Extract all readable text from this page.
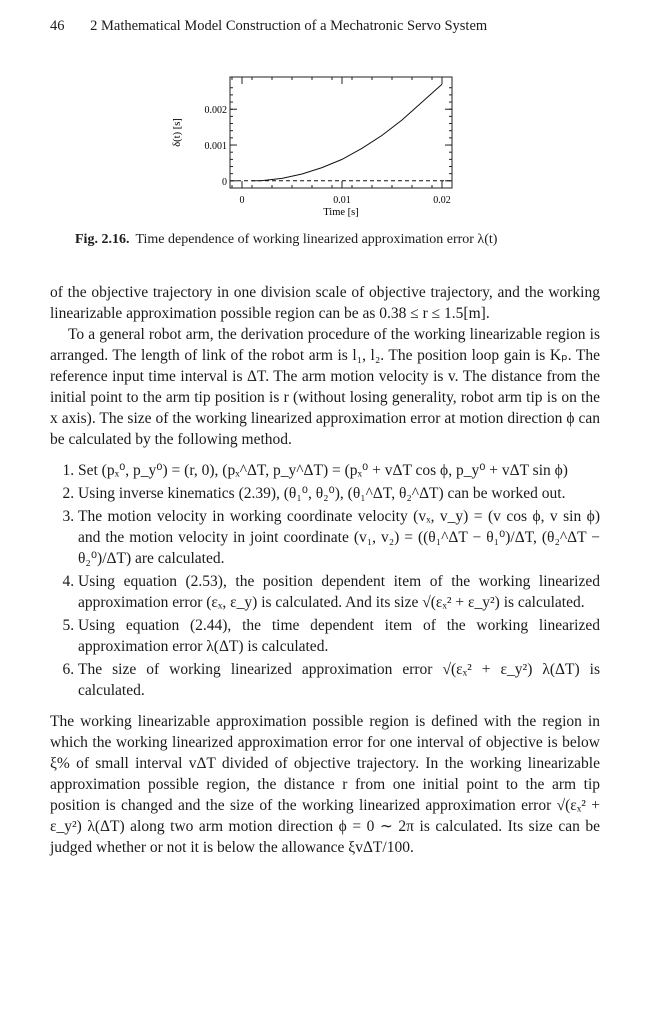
46 2 Mathematical Model Construction of a Mechatronic Servo System
0	0.01	0.02
0
0.001
0.002
Time [s]
δ(t) [s]
Fig. 2.16. Time dependence of working linearized approximation error λ(t)

of the objective trajectory in one division scale of objective trajectory, and the working linearizable approximation possible region can be as 0.38 ≤ r ≤ 1.5[m].

To a general robot arm, the derivation procedure of the working linearizable region is arranged. The length of link of the robot arm is l₁, l₂. The position loop gain is Kₚ. The reference input time interval is ΔT. The arm motion velocity is v. The distance from the initial point to the arm tip position is r (without losing generality, robot arm tip is on the x axis). The size of the working linearized approximation error at motion direction ϕ can be calculated by the following method.

1. Set (pₓ⁰, p_y⁰) = (r, 0), (pₓ^ΔT, p_y^ΔT) = (pₓ⁰ + vΔT cos ϕ, p_y⁰ + vΔT sin ϕ)
2. Using inverse kinematics (2.39), (θ₁⁰, θ₂⁰), (θ₁^ΔT, θ₂^ΔT) can be worked out.
3. The motion velocity in working coordinate velocity (vₓ, v_y) = (v cos ϕ, v sin ϕ) and the motion velocity in joint coordinate (v₁, v₂) = ((θ₁^ΔT − θ₁⁰)/ΔT, (θ₂^ΔT − θ₂⁰)/ΔT) are calculated.
4. Using equation (2.53), the position dependent item of the working linearized approximation error (εₓ, ε_y) is calculated. And its size √(εₓ² + ε_y²) is calculated.
5. Using equation (2.44), the time dependent item of the working linearized approximation error λ(ΔT) is calculated.
6. The size of working linearized approximation error √(εₓ² + ε_y²) λ(ΔT) is calculated.

The working linearizable approximation possible region is defined with the region in which the working linearized approximation error for one interval of objective is below ξ% of small interval vΔT divided of objective trajectory. In the working linearizable approximation possible region, the distance r from one initial point to the arm tip position is changed and the size of the working linearized approximation error √(εₓ² + ε_y²) λ(ΔT) along two arm motion direction ϕ = 0 ∼ 2π is calculated. Its size can be judged whether or not it is below the allowance ξvΔT/100.
